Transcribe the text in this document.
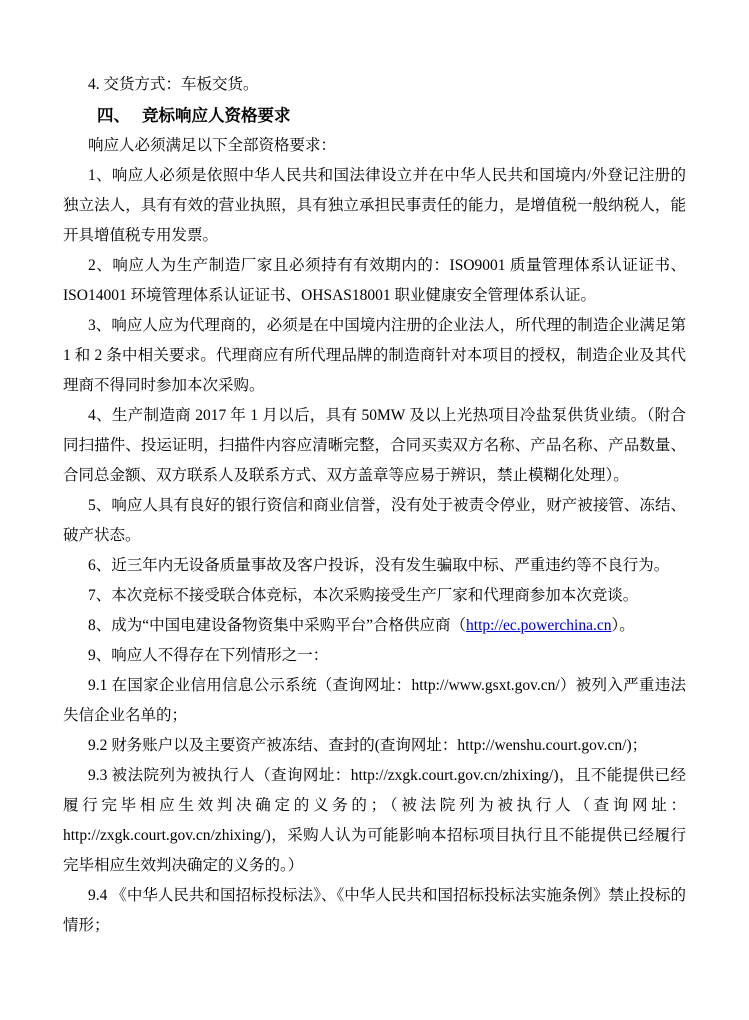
4. 交货方式：车板交货。

四、 竞标响应人资格要求

响应人必须满足以下全部资格要求：

1、响应人必须是依照中华人民共和国法律设立并在中华人民共和国境内/外登记注册的独立法人，具有有效的营业执照，具有独立承担民事责任的能力，是增值税一般纳税人，能开具增值税专用发票。

2、响应人为生产制造厂家且必须持有有效期内的：ISO9001 质量管理体系认证证书、ISO14001 环境管理体系认证证书、OHSAS18001 职业健康安全管理体系认证。

3、响应人应为代理商的，必须是在中国境内注册的企业法人，所代理的制造企业满足第 1 和 2 条中相关要求。代理商应有所代理品牌的制造商针对本项目的授权，制造企业及其代理商不得同时参加本次采购。

4、生产制造商 2017 年 1 月以后，具有 50MW 及以上光热项目冷盐泵供货业绩。（附合同扫描件、投运证明，扫描件内容应清晰完整，合同买卖双方名称、产品名称、产品数量、合同总金额、双方联系人及联系方式、双方盖章等应易于辨识，禁止模糊化处理）。

5、响应人具有良好的银行资信和商业信誉，没有处于被责令停业，财产被接管、冻结、破产状态。

6、近三年内无设备质量事故及客户投诉，没有发生骗取中标、严重违约等不良行为。

7、本次竞标不接受联合体竞标，本次采购接受生产厂家和代理商参加本次竞谈。

8、成为“中国电建设备物资集中采购平台”合格供应商（http://ec.powerchina.cn）。

9、响应人不得存在下列情形之一：

9.1 在国家企业信用信息公示系统（查询网址：http://www.gsxt.gov.cn/）被列入严重违法失信企业名单的；

9.2 财务账户以及主要资产被冻结、查封的(查询网址：http://wenshu.court.gov.cn/)；

9.3 被法院列为被执行人（查询网址：http://zxgk.court.gov.cn/zhixing/)，且不能提供已经履行完毕相应生效判决确定的义务的；（被法院列为被执行人（查询网址：http://zxgk.court.gov.cn/zhixing/)，采购人认为可能影响本招标项目执行且不能提供已经履行完毕相应生效判决确定的义务的。）

9.4 《中华人民共和国招标投标法》、《中华人民共和国招标投标法实施条例》禁止投标的情形；
